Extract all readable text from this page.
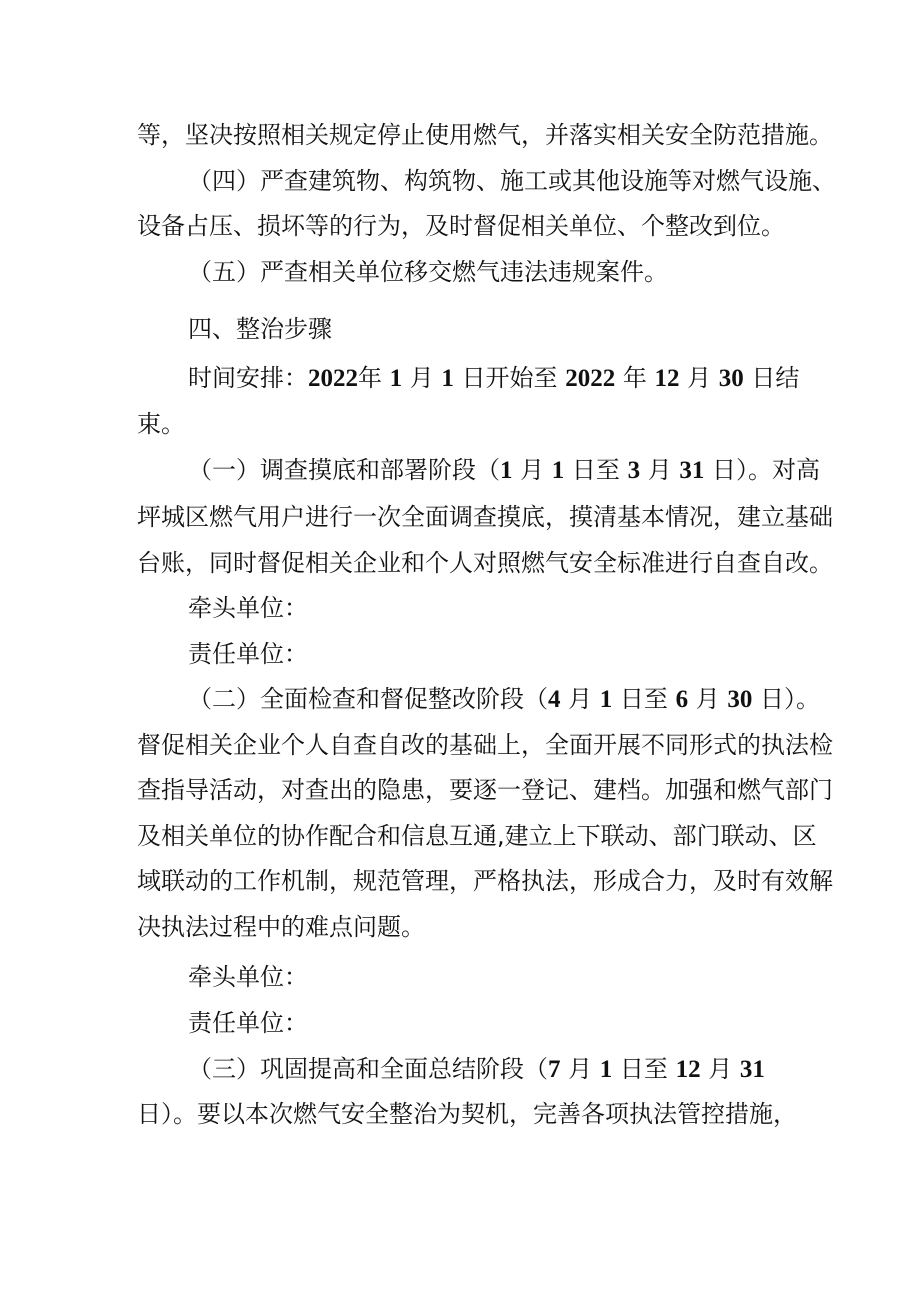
等，坚决按照相关规定停止使用燃气，并落实相关安全防范措施。
（四）严查建筑物、构筑物、施工或其他设施等对燃气设施、
设备占压、损坏等的行为，及时督促相关单位、个整改到位。
（五）严查相关单位移交燃气违法违规案件。
四、整治步骤
时间安排：2022年 1 月 1 日开始至 2022 年 12 月 30 日结
束。
（一）调查摸底和部署阶段（1 月 1 日至 3 月 31 日）。对高
坪城区燃气用户进行一次全面调查摸底，摸清基本情况，建立基础
台账，同时督促相关企业和个人对照燃气安全标准进行自查自改。
牵头单位：
责任单位：
（二）全面检查和督促整改阶段（4 月 1 日至 6 月 30 日）。
督促相关企业个人自查自改的基础上，全面开展不同形式的执法检
查指导活动，对查出的隐患，要逐一登记、建档。加强和燃气部门
及相关单位的协作配合和信息互通,建立上下联动、部门联动、区
域联动的工作机制，规范管理，严格执法，形成合力，及时有效解
决执法过程中的难点问题。
牵头单位：
责任单位：
（三）巩固提高和全面总结阶段（7 月 1 日至 12 月 31
日）。要以本次燃气安全整治为契机，完善各项执法管控措施，
